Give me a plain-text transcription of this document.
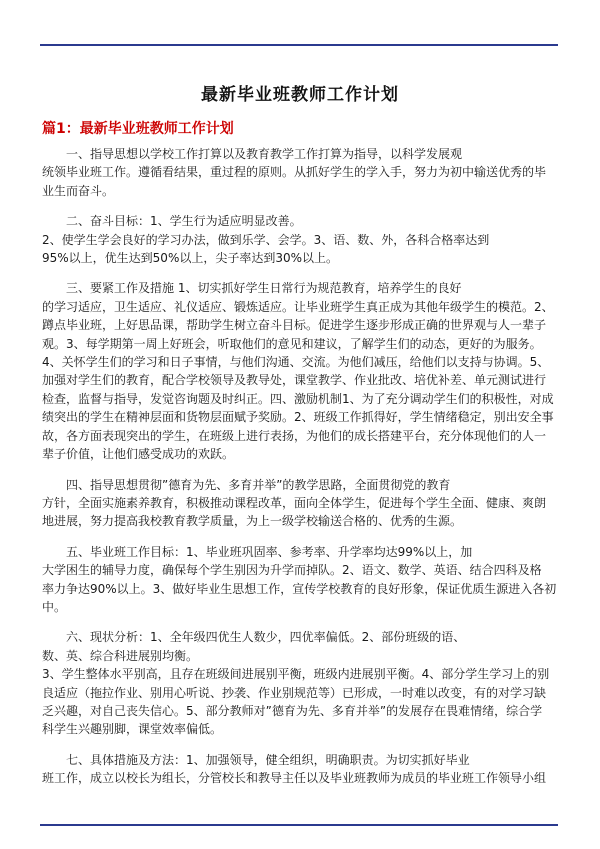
最新毕业班教师工作计划
篇1：最新毕业班教师工作计划
　　一、指导思想以学校工作打算以及教育教学工作打算为指导，以科学发展观
统领毕业班工作。遵循看结果，重过程的原则。从抓好学生的学入手，努力为初中输送优秀的毕
业生而奋斗。
　　二、奋斗目标：1、学生行为适应明显改善。
2、使学生学会良好的学习办法，做到乐学、会学。3、语、数、外，各科合格率达到
95%以上，优生达到50%以上，尖子率达到30%以上。
　　三、要紧工作及措施 1、切实抓好学生日常行为规范教育，培养学生的良好
的学习适应，卫生适应、礼仪适应、锻炼适应。让毕业班学生真正成为其他年级学生的模范。2、
蹲点毕业班，上好思品课，帮助学生树立奋斗目标。促进学生逐步形成正确的世界观与人一辈子
观。3、每学期第一周上好班会，听取他们的意见和建议，了解学生们的动态，更好的为服务。
4、关怀学生们的学习和日子事情，与他们沟通、交流。为他们减压，给他们以支持与协调。5、
加强对学生们的教育，配合学校领导及教导处，课堂教学、作业批改、培优补差、单元测试进行
检查，监督与指导，发觉咨询题及时纠正。四、激励机制1、为了充分调动学生们的积极性，对成
绩突出的学生在精神层面和货物层面赋予奖励。2、班级工作抓得好，学生情绪稳定，别出安全事
故，各方面表现突出的学生，在班级上进行表扬，为他们的成长搭建平台，充分体现他们的人一
辈子价值，让他们感受成功的欢跃。
　　四、指导思想贯彻”德育为先、多育并举”的教学思路，全面贯彻党的教育
方针，全面实施素养教育，积极推动课程改革，面向全体学生，促进每个学生全面、健康、爽朗
地进展，努力提高我校教育教学质量，为上一级学校输送合格的、优秀的生源。
　　五、毕业班工作目标：1、毕业班巩固率、参考率、升学率均达99%以上，加
大学困生的辅导力度，确保每个学生别因为升学而掉队。2、语文、数学、英语、结合四科及格
率力争达90%以上。3、做好毕业生思想工作，宣传学校教育的良好形象，保证优质生源进入各初
中。
　　六、现状分析：1、全年级四优生人数少，四优率偏低。2、部份班级的语、
数、英、综合科进展别均衡。
3、学生整体水平别高，且存在班级间进展别平衡，班级内进展别平衡。4、部分学生学习上的别
良适应（拖拉作业、别用心听说、抄袭、作业别规范等）已形成，一时难以改变，有的对学习缺
乏兴趣，对自己丧失信心。5、部分教师对”德育为先、多育并举”的发展存在畏难情绪，综合学
科学生兴趣别脚，课堂效率偏低。
　　七、具体措施及方法：1、加强领导，健全组织，明确职责。为切实抓好毕业
班工作，成立以校长为组长，分管校长和教导主任以及毕业班教师为成员的毕业班工作领导小组
